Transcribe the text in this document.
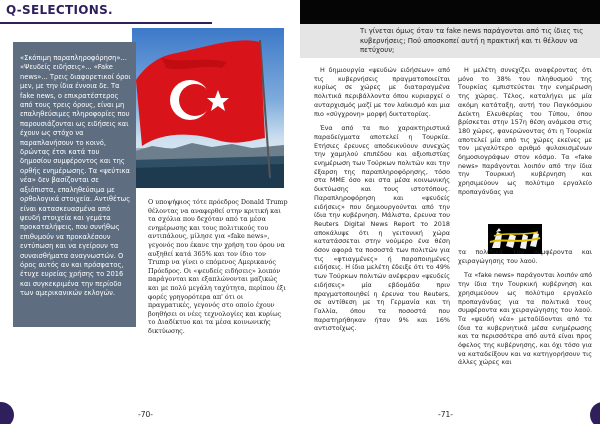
Q-SELECTIONS.
«Σκόπιμη παραπληροφόρηση»... «Ψευδείς ειδήσεις»... «Fake news»... Τρεις διαφορετικοί όροι μεν, με την ίδια έννοια δε. Τα fake news, ο επικρατέστερος από τους τρεις όρους, είναι μη επαληθεύσιμες πληροφορίες που παρουσιάζονται ως ειδήσεις και έχουν ως στόχο να παραπλανήσουν το κοινό, δρώντας έτσι κατά του δημοσίου συμφέροντος και της ορθής ενημέρωσης. Τα «ψεύτικα νέα» δεν βασίζονται σε αξιόπιστα, επαληθεύσιμα με ορθολογικά στοιχεία. Αντιθέτως είναι κατασκευασμένα από ψευδή στοιχεία και γεμάτα προκαταλήψεις, που συνήθως επιθυμούν να προκαλέσουν εντύπωση και να εγείρουν τα συναισθήματα αναγνωστών. Ο όρος αυτός αν και πρόσφατος, έτυχε ευρείας χρήσης το 2016 και συγκεκριμένα την περίοδο των αμερικανικών εκλογών.
Ο υποψήφιος τότε πρόεδρος Donald Trump θέλοντας να αναφερθεί στην κριτική και τα σχόλια που δεχόταν από τα μέσα ενημέρωσης και τους πολιτικούς του αντιπάλους, μίλησε για «fake news», γεγονός που έκανε την χρήση του όρου να αυξηθεί κατά 365% και τον ίδιο τον Trump να γίνει ο επόμενος Αμερικανός Πρόεδρος. Οι «ψευδείς ειδήσεις» λοιπόν παράγονται και εξαπλώνονται μαζικώς και με πολύ μεγάλη ταχύτητα, περίπου έξι φορές γρηγορότερα απ' ότι οι πραγματικές, γεγονός στο οποίο έχουν βοηθήσει οι νέες τεχνολογίες και κυρίως το Διαδίκτυο και τα μέσα κοινωνικής δικτύωσης.
-70-
Τι γίνεται όμως όταν τα fake news παράγονται από τις ίδιες τις κυβερνήσεις; Πού αποσκοπεί αυτή η πρακτική και τι θέλουν να πετύχουν;

Η δημιουργία «ψευδών ειδήσεων» από τις κυβερνήσεις πραγματοποιείται κυρίως σε χώρες με διαταραγμένα πολιτικά περιβάλλοντα όπου κυριαρχεί ο αυταρχισμός μαζί με τον λαϊκισμό και μια πιο «σύγχρονη» μορφή δικτατορίας.

Ένα από τα πιο χαρακτηριστικά παραδείγματα αποτελεί η Τουρκία. Ετήσιες έρευνες αποδεικνύουν συνεχώς την χαμηλού επιπέδου και αξιοπιστίας ενημέρωση των Τούρκων πολιτών και την έξαρση της παραπληροφόρησης, τόσο στα ΜΜΕ όσο και στα μέσα κοινωνικής δικτύωσης και τους ιστοτόπους. Παραπληροφόρηση και «ψευδείς ειδήσεις» που δημιουργούνται από την ίδια την κυβέρνηση. Μάλιστα, έρευνα του Reuters Digital News Report το 2018 αποκάλυψε ότι η γειτονική χώρα κατατάσσεται στην νούμερο ένα θέση όσον αφορά τα ποσοστά των πολιτών για τις «φτιαγμένες» ή παραποιημένες ειδήσεις. Η ίδια μελέτη έδειξε ότι το 49% των Τούρκων πολιτών ανέφεραν «ψευδείς ειδήσεις» μία εβδομάδα πριν πραγματοποιηθεί η έρευνα του Reuters, σε αντίθεση με τη Γερμανία και τη Γαλλία, όπου τα ποσοστά που παρατηρήθηκαν ήταν 9% και 16% αντιστοίχως.

Η μελέτη συνεχίζει αναφέροντας ότι μόνο το 38% του πληθυσμού της Τουρκίας εμπιστεύεται την ενημέρωση της χώρας. Τέλος, καταλήγει με μία ακόμη κατάταξη, αυτή του Παγκόσμιου Δείκτη Ελευθερίας του Τύπου, όπου βρίσκεται στην 157η θέση ανάμεσα στις 180 χώρες, φανερώνοντας ότι η Τουρκία αποτελεί μία από τις χώρες εκείνες με τον μεγαλύτερο αριθμό φυλακισμένων δημοσιογράφων στον κόσμο. Τα «fake news» παράγονται λοιπόν από την ίδια την Τουρκική κυβέρνηση και χρησιμεύουν ως πολύτιμο εργαλείο προπαγάνδας για

τα πολιτικά του συμφέροντα και χειραγώγησης του λαού.

Τα «fake news» παράγονται λοιπόν από την ίδια την Τουρκική κυβέρνηση και χρησιμεύουν ως πολύτιμο εργαλείο προπαγάνδας για τα πολιτικά τους συμφέροντα και χειραγώγησης του λαού. Τα «ψευδή νέα» μεταδίδονται από τα ίδια τα κυβερνητικά μέσα ενημέρωσης και τα περισσότερα από αυτά είναι προς όφελος της κυβέρνησης, και όχι τόσο για να καταδείξουν και να κατηγορήσουν τις άλλες χώρες και

-71-
